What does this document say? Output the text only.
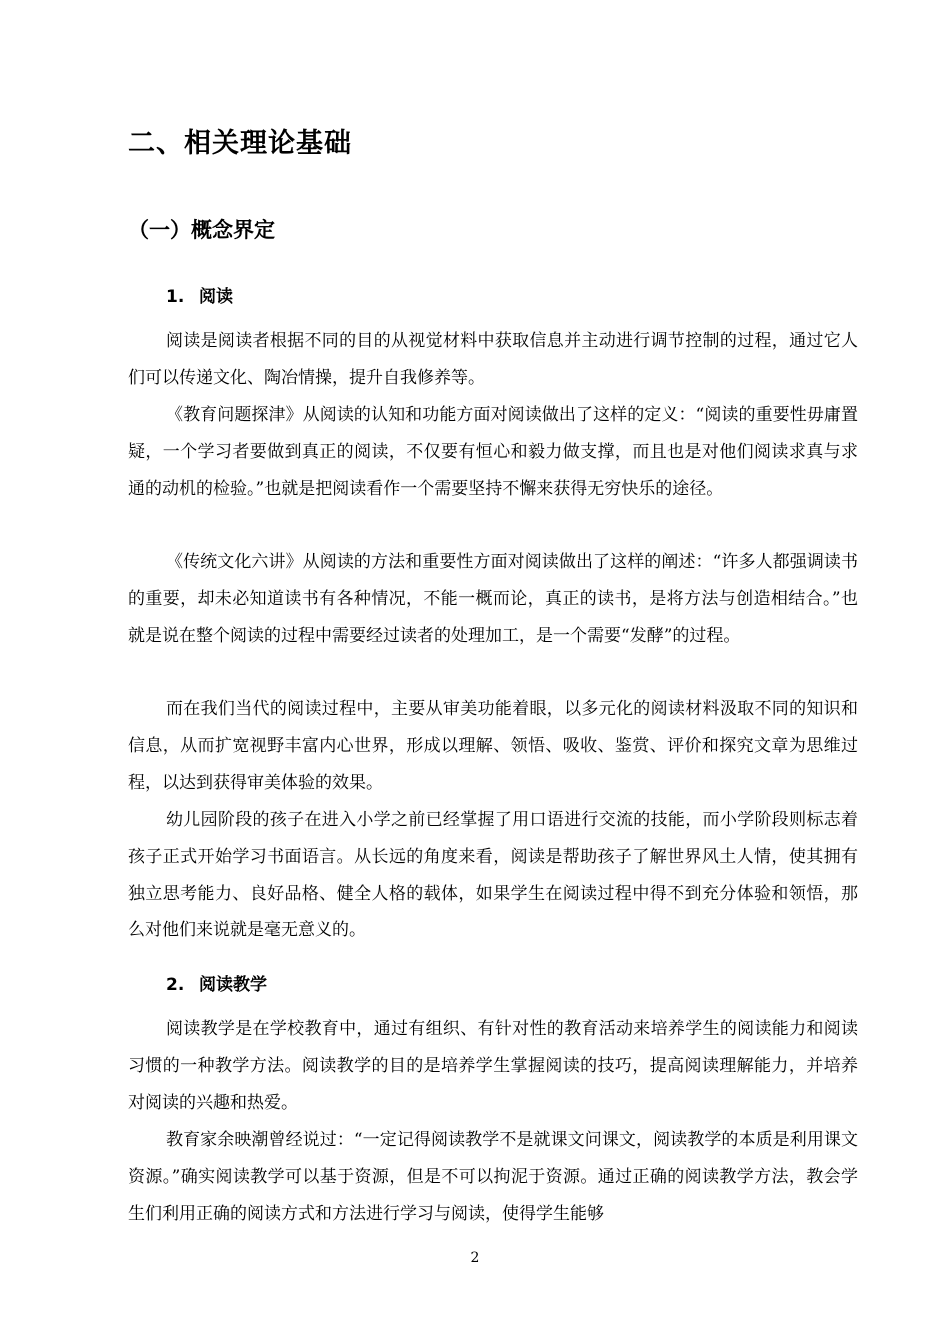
二、相关理论基础
（一）概念界定
1. 阅读

阅读是阅读者根据不同的目的从视觉材料中获取信息并主动进行调节控制的过程，通过它人们可以传递文化、陶冶情操，提升自我修养等。

《教育问题探津》从阅读的认知和功能方面对阅读做出了这样的定义：“阅读的重要性毋庸置疑，一个学习者要做到真正的阅读，不仅要有恒心和毅力做支撑，而且也是对他们阅读求真与求通的动机的检验。”也就是把阅读看作一个需要坚持不懈来获得无穷快乐的途径。

《传统文化六讲》从阅读的方法和重要性方面对阅读做出了这样的阐述：“许多人都强调读书的重要，却未必知道读书有各种情况，不能一概而论，真正的读书，是将方法与创造相结合。”也就是说在整个阅读的过程中需要经过读者的处理加工，是一个需要“发酵”的过程。

而在我们当代的阅读过程中，主要从审美功能着眼，以多元化的阅读材料汲取不同的知识和信息，从而扩宽视野丰富内心世界，形成以理解、领悟、吸收、鉴赏、评价和探究文章为思维过程，以达到获得审美体验的效果。

幼儿园阶段的孩子在进入小学之前已经掌握了用口语进行交流的技能，而小学阶段则标志着孩子正式开始学习书面语言。从长远的角度来看，阅读是帮助孩子了解世界风土人情，使其拥有独立思考能力、良好品格、健全人格的载体，如果学生在阅读过程中得不到充分体验和领悟，那么对他们来说就是毫无意义的。

2. 阅读教学

阅读教学是在学校教育中，通过有组织、有针对性的教育活动来培养学生的阅读能力和阅读习惯的一种教学方法。阅读教学的目的是培养学生掌握阅读的技巧，提高阅读理解能力，并培养对阅读的兴趣和热爱。

教育家余映潮曾经说过：“一定记得阅读教学不是就课文问课文，阅读教学的本质是利用课文资源。”确实阅读教学可以基于资源，但是不可以拘泥于资源。通过正确的阅读教学方法，教会学生们利用正确的阅读方式和方法进行学习与阅读，使得学生能够

2
